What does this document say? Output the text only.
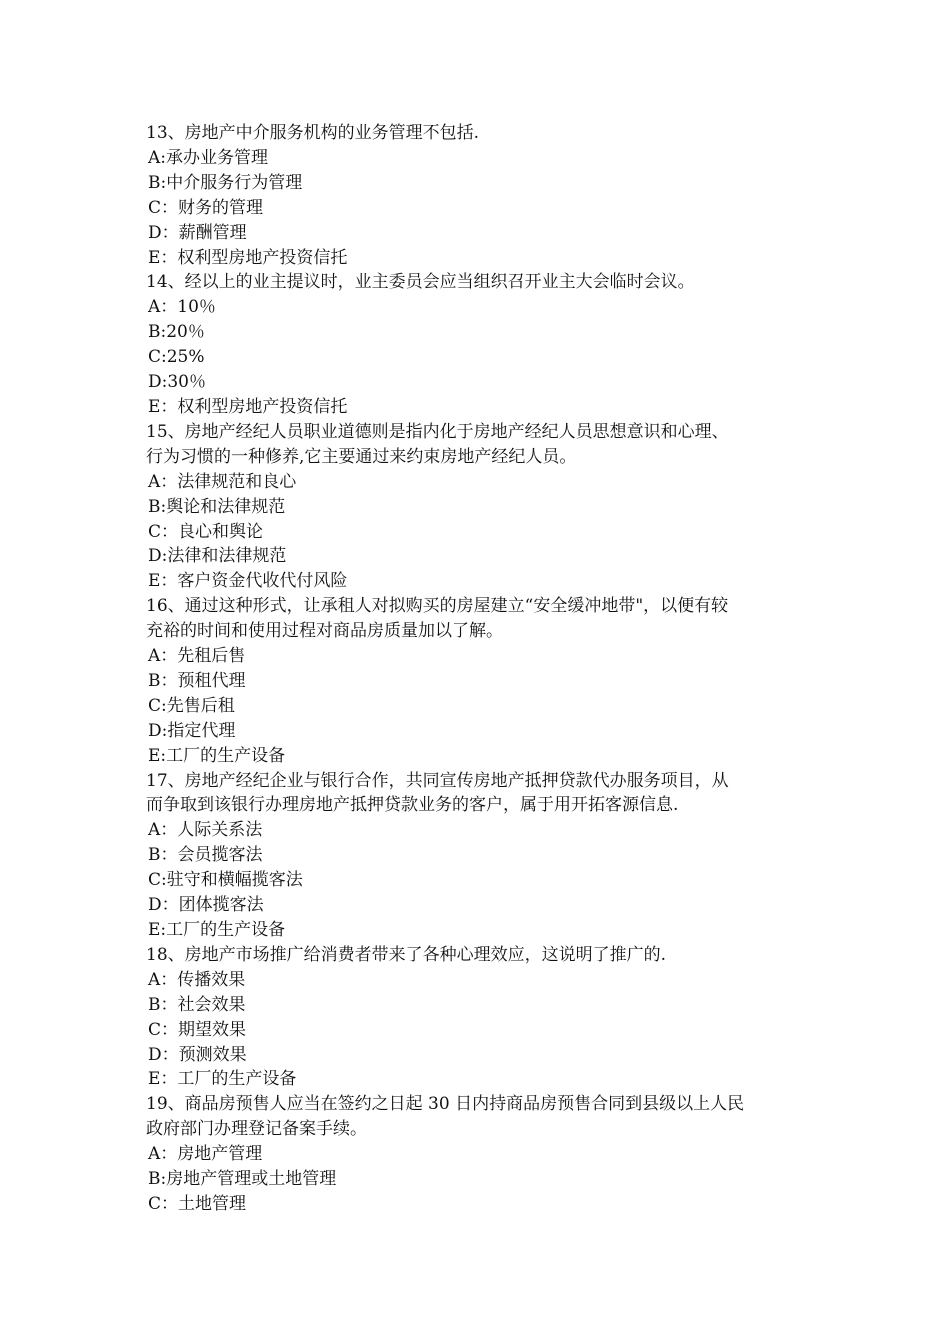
13、房地产中介服务机构的业务管理不包括.

A:承办业务管理

B:中介服务行为管理

C：财务的管理

D：薪酬管理

E：权利型房地产投资信托

14、经以上的业主提议时，业主委员会应当组织召开业主大会临时会议。

A：10％

B:20％

C:25%

D:30％

E：权利型房地产投资信托

15、房地产经纪人员职业道德则是指内化于房地产经纪人员思想意识和心理、
行为习惯的一种修养,它主要通过来约束房地产经纪人员。

A：法律规范和良心

B:舆论和法律规范

C：良心和舆论

D:法律和法律规范

E：客户资金代收代付风险

16、通过这种形式，让承租人对拟购买的房屋建立“安全缓冲地带"，以便有较
充裕的时间和使用过程对商品房质量加以了解。

A：先租后售

B：预租代理

C:先售后租

D:指定代理

E:工厂的生产设备

17、房地产经纪企业与银行合作，共同宣传房地产抵押贷款代办服务项目，从
而争取到该银行办理房地产抵押贷款业务的客户，属于用开拓客源信息.

A：人际关系法

B：会员揽客法

C:驻守和横幅揽客法

D：团体揽客法

E:工厂的生产设备

18、房地产市场推广给消费者带来了各种心理效应，这说明了推广的.

A：传播效果

B：社会效果

C：期望效果

D：预测效果

E：工厂的生产设备

19、商品房预售人应当在签约之日起 30 日内持商品房预售合同到县级以上人民
政府部门办理登记备案手续。

A：房地产管理

B:房地产管理或土地管理

C：土地管理
